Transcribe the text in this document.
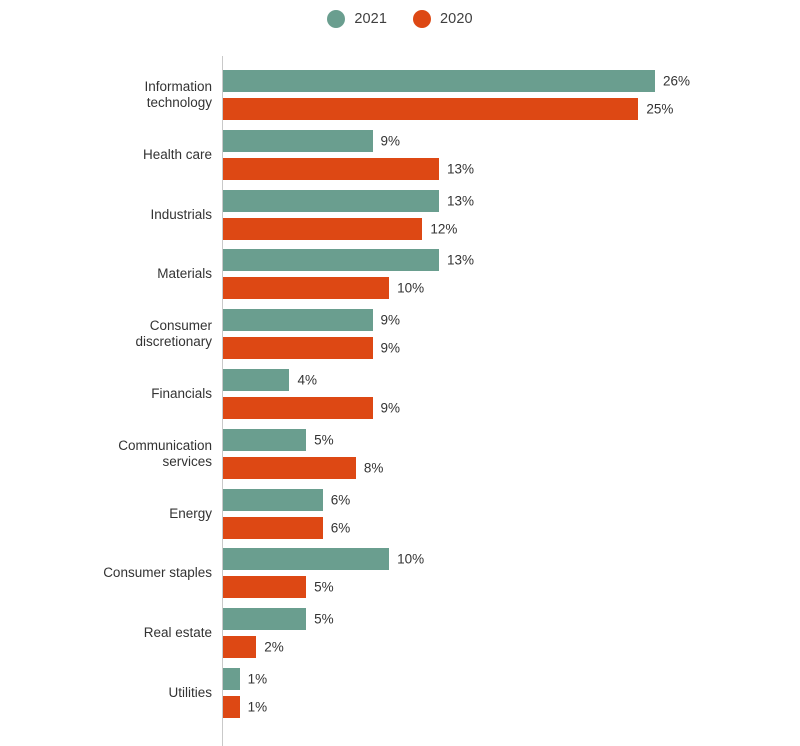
2021	2020
Information
technology
26%
25%
Health care
9%
13%
Industrials
13%
12%
Materials
13%
10%
Consumer
discretionary
9%
9%
Financials
4%
9%
Communication
services
5%
8%
Energy
6%
6%
Consumer staples
10%
5%
Real estate
5%
2%
Utilities
1%
1%
